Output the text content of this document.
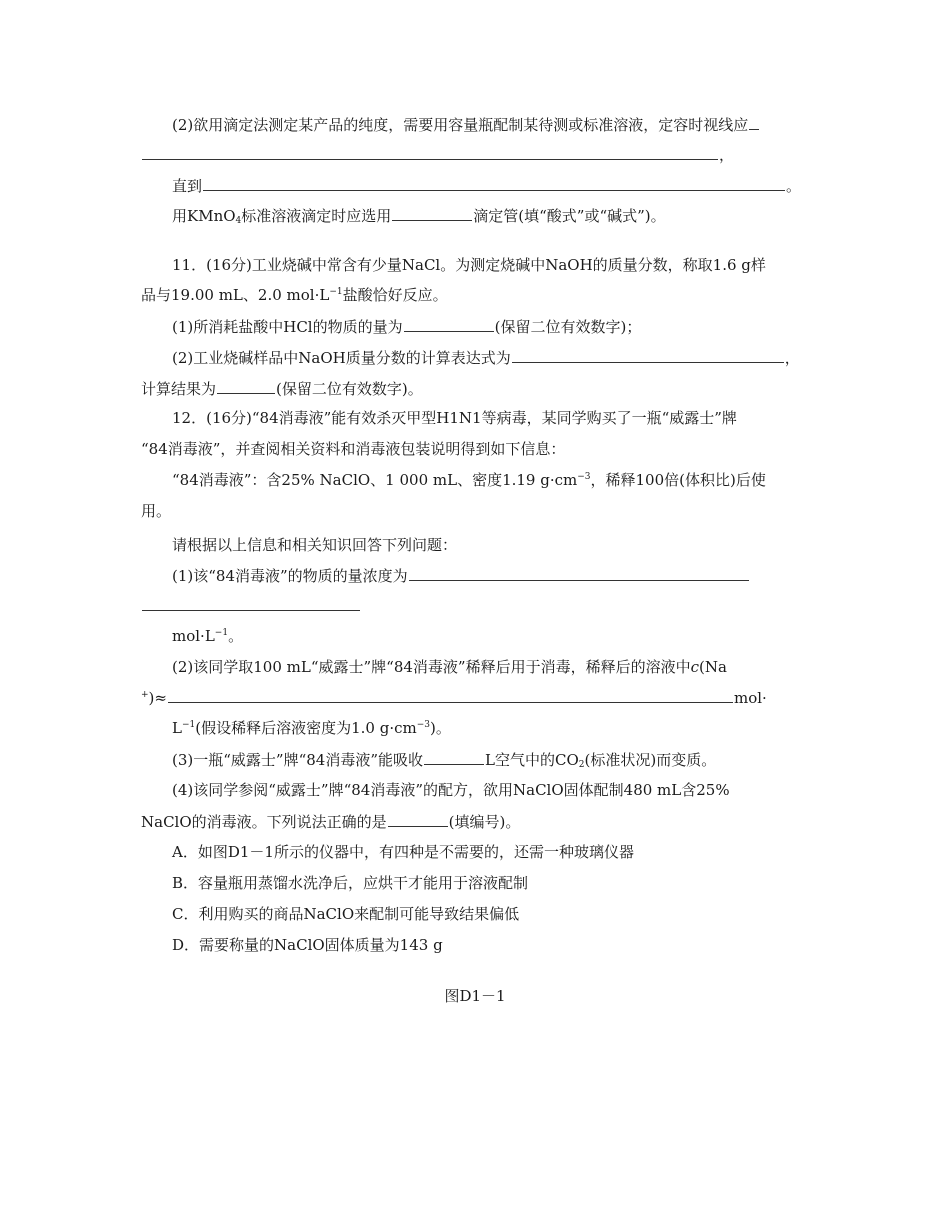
(2)欲用滴定法测定某产品的纯度，需要用容量瓶配制某待测或标准溶液，定容时视线应
，
直到	。
用KMnO$_4$标准溶液滴定时应选用	滴定管(填“酸式”或“碱式”)。
11．(16分)工业烧碱中常含有少量NaCl。为测定烧碱中NaOH的质量分数，称取1.6 g样
品与19.00 mL、2.0 $mol\cdot L^{-1}$盐酸恰好反应。
(1)所消耗盐酸中HCl的物质的量为	(保留二位有效数字)；
(2)工业烧碱样品中NaOH质量分数的计算表达式为	，
计算结果为	(保留二位有效数字)。
12．(16分)“84消毒液”能有效杀灭甲型H1N1等病毒，某同学购买了一瓶“威露士”牌
“84消毒液”，并查阅相关资料和消毒液包装说明得到如下信息：
“84消毒液”：含25% NaClO、1 000 mL、密度1.19 $g\cdot cm^{-3}$，稀释100倍(体积比)后使
用。
请根据以上信息和相关知识回答下列问题：
(1)该“84消毒液”的物质的量浓度为
$mol\cdot L^{-1}$。
(2)该同学取100 mL“威露士”牌“84消毒液”稀释后用于消毒，稀释后的溶液中c(Na
+)≈	mol·
$L^{-1}$(假设稀释后溶液密度为1.0 $g\cdot cm^{-3}$)。
(3)一瓶“威露士”牌“84消毒液”能吸收	L空气中的$CO_2$(标准状况)而变质。
(4)该同学参阅“威露士”牌“84消毒液”的配方，欲用NaClO固体配制480 mL含25%
NaClO的消毒液。下列说法正确的是	(填编号)。
A．如图D1－1所示的仪器中，有四种是不需要的，还需一种玻璃仪器
B．容量瓶用蒸馏水洗净后，应烘干才能用于溶液配制
C．利用购买的商品NaClO来配制可能导致结果偏低
D．需要称量的NaClO固体质量为143 g
图D1－1
